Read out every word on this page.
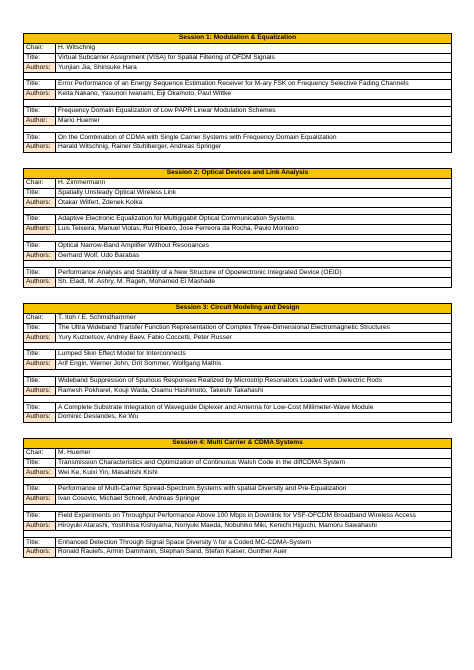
Session 1: Modulation & Equalization	
Chair:	H. Witschnig
Title:	Virtual Subcarrier Assignment (VISA) for Spatial Filtering of OFDM Signals
Authors:	Yunjian Jia, Shinsuke Hara

Title:	Error Performance of an Energy Sequence Estimation Receiver for M-ary FSK on Frequency Selective Fading Channels
Authors:	Keita Nakano, Yasunori Iwanami, Eiji Okamoto, Paul Wittke

Title:	Frequency Domain Equalization of Low PAPR Linear Modulation Schemes
Author:	Mario Huemer

Title:	On the Combination of CDMA with Single Carrier Systems with Frequency Domain Equalization
Authors:	Harald Witschnig, Rainer Stuhlberger, Andreas Springer
Session 2: Optical Devices and Link Analysis	
Chair:	H. Zimmermann
Title:	Spatially Unsteady Optical Wireless Link
Authors:	Otakar Wilfert, Zdenek Kolka

Title:	Adaptive Electronic Equalization for Multigigabit Optical Communication Systems
Authors:	Luis Teixeira, Manuel Violas, Rui Ribeiro, Jose Ferreora da Rocha, Paulo Monteiro

Title:	Optical Narrow-Band Amplifier Without Resonances
Authors:	Gerhard Wolf, Udo Barabas

Title:	Performance Analysis and Stability of a New Structure of Opoelectronic Integrated Device (OEID)
Authors:	Sh. Eladl, M. Ashry, M. Rageh, Mohamed El Mashade
Session 3: Circuit Modeling and Design	
Chair:	T. Itoh / E. Schmidhammer
Title:	The Ultra Wideband Transfer Function Representation of Complex Three-Dimensional Electromagnetic Structures
Authors:	Yury Kuznetsov, Andrey Baev, Fabio Coccetti, Peter Russer

Title:	Lumped Skin Effect Model for Interconnects
Authors:	Arif Engin, Werner John, Grit Sommer, Wolfgang Mathis

Title:	Wideband Suppression of Spurious Responses Realized by Microstrip Resonators Loaded with Dielectric Rods
Authors:	Ramesh Pokharel, Kouji Wada, Osamu Hashimoto, Takeshi Takahashi

Title:	A Complete Substrate Integration of Waveguide Diplexer and Antenna for Low-Cost Millimeter-Wave Module
Authors:	Dominic Deslandes, Ke Wu
Session 4: Multi Carrier & CDMA Systems	
Chair:	M. Huemer
Title:	Transmission Characteristics and Optimization of Continuous Walsh Code in the diffCDMA System
Authors:	Wei Ke, Kuixi Yin, Masahishi Kishi

Title:	Performance of Multi-Carrier Spread-Spectrum Systems with spatial Diversity and Pre-Equalization
Authors:	Ivan Cosovic, Michael Schnell, Andreas Springer

Title:	Field Experiments on Throughput Performance Above 100 Mbps in Downlink for VSF-OFCDM Broadband Wireless Access
Authors:	Hiroyuki Atarashi, Yoshihisa Kishiyama, Noriyuki Maeda, Nobuhiko Miki, Kenichi Higuchi, Mamoru Sawahashi

Title:	Enhanced Detection Through Signal Space Diversity \\ for a Coded MC-CDMA-System
Authors:	Ronald Raulefs, Armin Dammann, Stephan Sand, Stefan Kaiser, Gunther Auer
